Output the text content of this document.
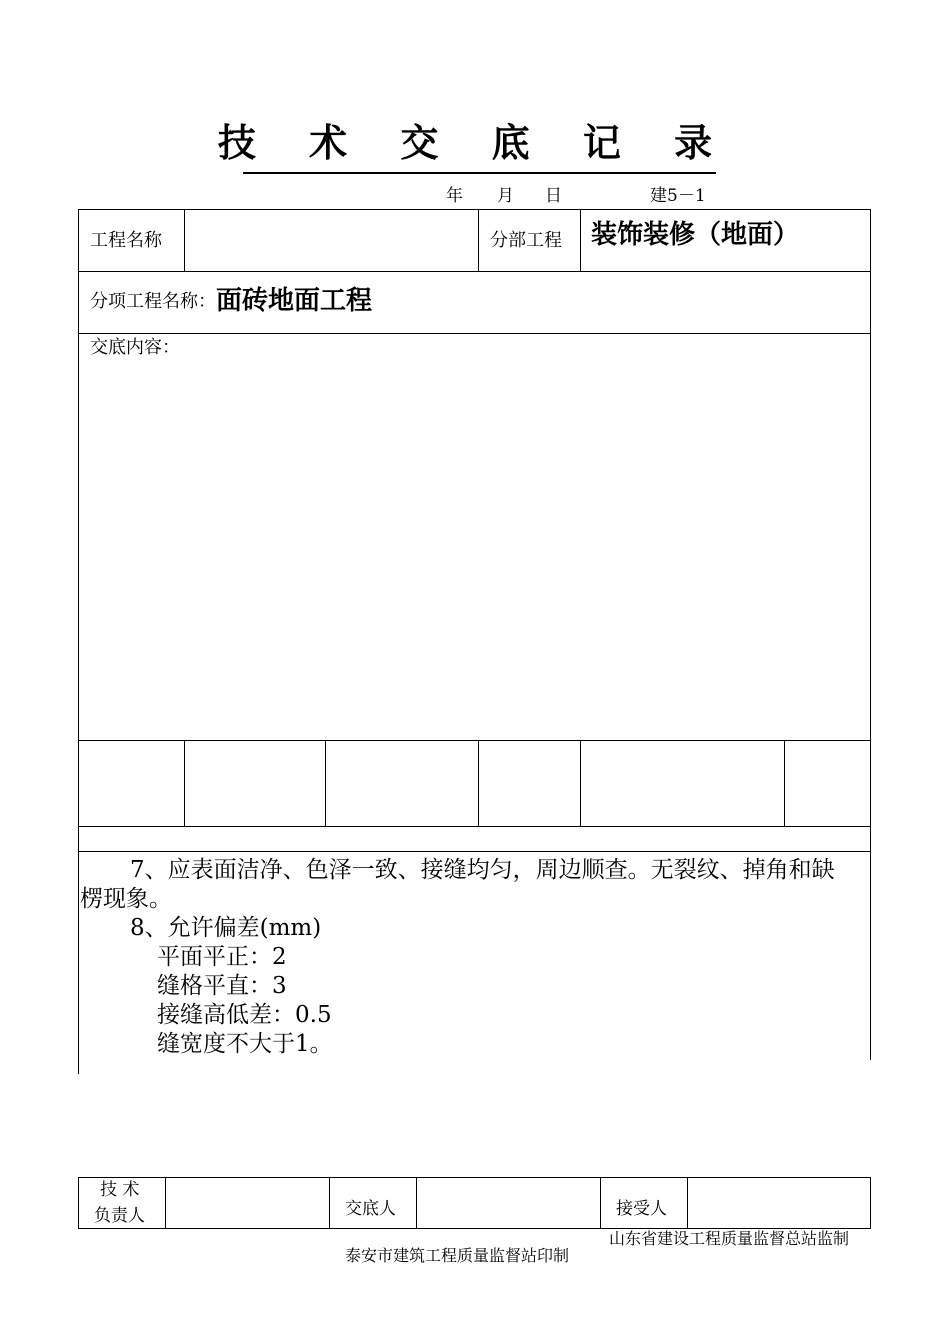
技 术 交 底 记 录
年 月 日	建5－1
工程名称	分部工程 装饰装修（地面）
分项工程名称： 面砖地面工程
交底内容：
7、应表面洁净、色泽一致、接缝均匀，周边顺查。无裂纹、掉角和缺
楞现象。
8、允许偏差(mm)
平面平正：2
缝格平直：3
接缝高低差：0.5
缝宽度不大于1。
技 术
负责人	交底人	接受人
山东省建设工程质量监督总站监制
泰安市建筑工程质量监督站印制
